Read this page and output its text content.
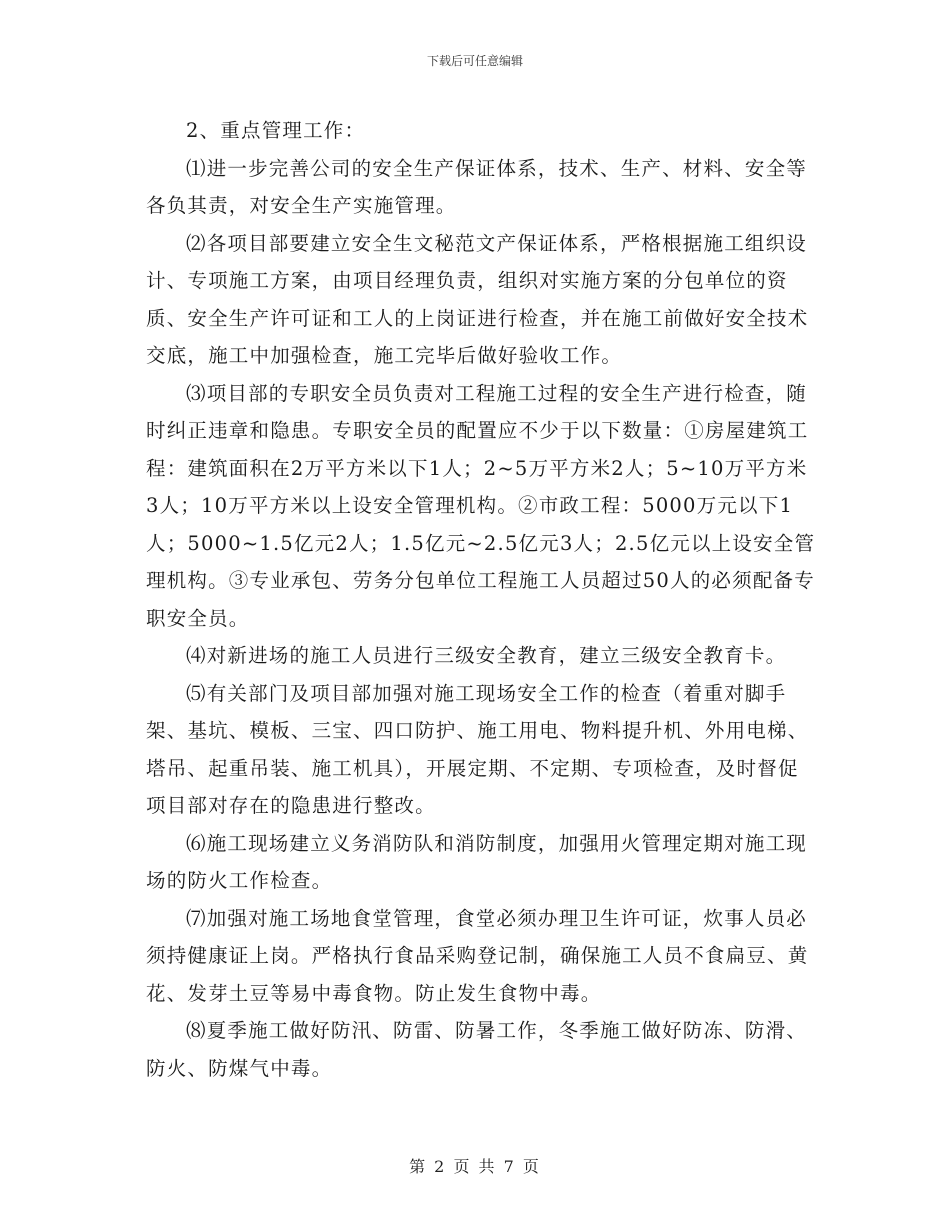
下载后可任意编辑

2、重点管理工作：

⑴进一步完善公司的安全生产保证体系，技术、生产、材料、安全等各负其责，对安全生产实施管理。

⑵各项目部要建立安全生文秘范文产保证体系，严格根据施工组织设计、专项施工方案，由项目经理负责，组织对实施方案的分包单位的资质、安全生产许可证和工人的上岗证进行检查，并在施工前做好安全技术交底，施工中加强检查，施工完毕后做好验收工作。

⑶项目部的专职安全员负责对工程施工过程的安全生产进行检查，随时纠正违章和隐患。专职安全员的配置应不少于以下数量：①房屋建筑工程：建筑面积在2万平方米以下1人；2~5万平方米2人；5~10万平方米3人；10万平方米以上设安全管理机构。②市政工程：5000万元以下1人；5000~1.5亿元2人；1.5亿元~2.5亿元3人；2.5亿元以上设安全管理机构。③专业承包、劳务分包单位工程施工人员超过50人的必须配备专职安全员。

⑷对新进场的施工人员进行三级安全教育，建立三级安全教育卡。

⑸有关部门及项目部加强对施工现场安全工作的检查（着重对脚手架、基坑、模板、三宝、四口防护、施工用电、物料提升机、外用电梯、塔吊、起重吊装、施工机具），开展定期、不定期、专项检查，及时督促项目部对存在的隐患进行整改。

⑹施工现场建立义务消防队和消防制度，加强用火管理定期对施工现场的防火工作检查。

⑺加强对施工场地食堂管理，食堂必须办理卫生许可证，炊事人员必须持健康证上岗。严格执行食品采购登记制，确保施工人员不食扁豆、黄花、发芽土豆等易中毒食物。防止发生食物中毒。

⑻夏季施工做好防汛、防雷、防暑工作，冬季施工做好防冻、防滑、防火、防煤气中毒。

第 2 页 共 7 页
